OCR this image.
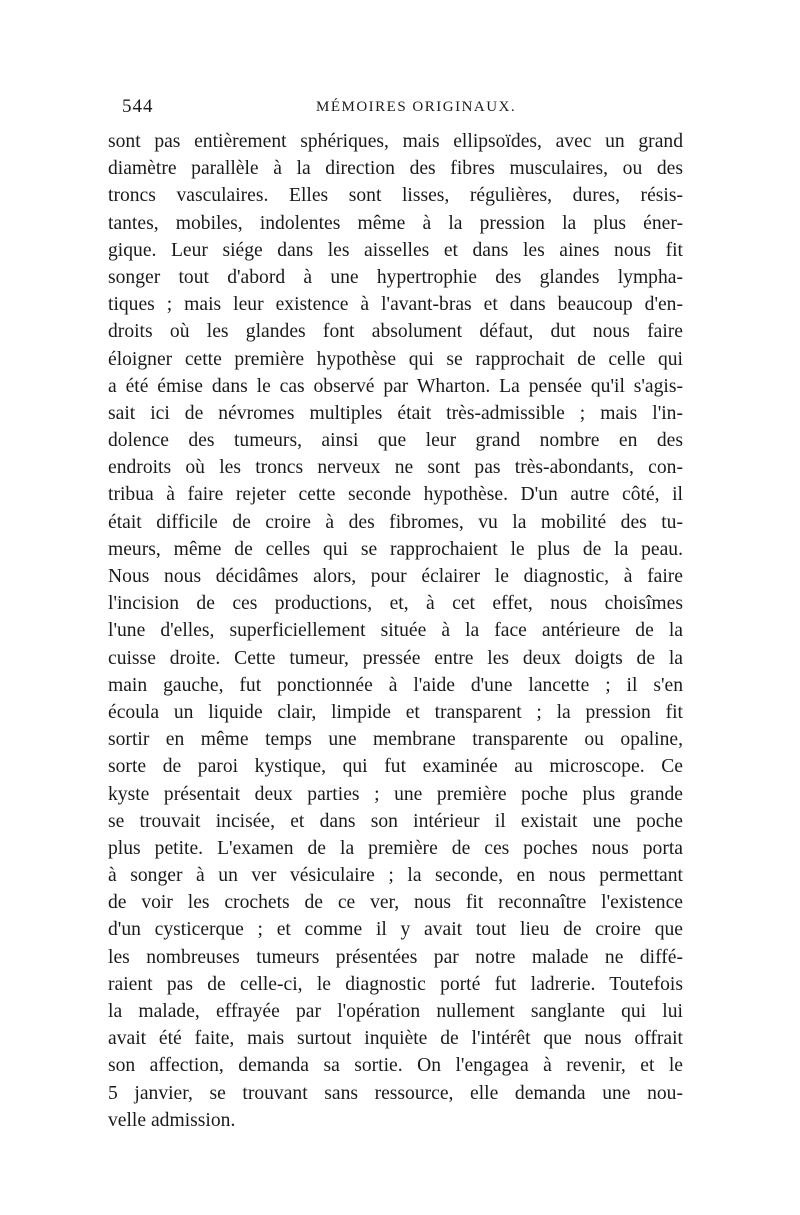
544	MÉMOIRES ORIGINAUX.
sont pas entièrement sphériques, mais ellipsoïdes, avec un grand
diamètre parallèle à la direction des fibres musculaires, ou des
troncs vasculaires. Elles sont lisses, régulières, dures, résis-
tantes, mobiles, indolentes même à la pression la plus éner-
gique. Leur siége dans les aisselles et dans les aines nous fit
songer tout d'abord à une hypertrophie des glandes lympha-
tiques ; mais leur existence à l'avant-bras et dans beaucoup d'en-
droits où les glandes font absolument défaut, dut nous faire
éloigner cette première hypothèse qui se rapprochait de celle qui
a été émise dans le cas observé par Wharton. La pensée qu'il s'agis-
sait ici de névromes multiples était très-admissible ; mais l'in-
dolence des tumeurs, ainsi que leur grand nombre en des
endroits où les troncs nerveux ne sont pas très-abondants, con-
tribua à faire rejeter cette seconde hypothèse. D'un autre côté, il
était difficile de croire à des fibromes, vu la mobilité des tu-
meurs, même de celles qui se rapprochaient le plus de la peau.
Nous nous décidâmes alors, pour éclairer le diagnostic, à faire
l'incision de ces productions, et, à cet effet, nous choisîmes
l'une d'elles, superficiellement située à la face antérieure de la
cuisse droite. Cette tumeur, pressée entre les deux doigts de la
main gauche, fut ponctionnée à l'aide d'une lancette ; il s'en
écoula un liquide clair, limpide et transparent ; la pression fit
sortir en même temps une membrane transparente ou opaline,
sorte de paroi kystique, qui fut examinée au microscope. Ce
kyste présentait deux parties ; une première poche plus grande
se trouvait incisée, et dans son intérieur il existait une poche
plus petite. L'examen de la première de ces poches nous porta
à songer à un ver vésiculaire ; la seconde, en nous permettant
de voir les crochets de ce ver, nous fit reconnaître l'existence
d'un cysticerque ; et comme il y avait tout lieu de croire que
les nombreuses tumeurs présentées par notre malade ne diffé-
raient pas de celle-ci, le diagnostic porté fut ladrerie. Toutefois
la malade, effrayée par l'opération nullement sanglante qui lui
avait été faite, mais surtout inquiète de l'intérêt que nous offrait
son affection, demanda sa sortie. On l'engagea à revenir, et le
5 janvier, se trouvant sans ressource, elle demanda une nou-
velle admission.
